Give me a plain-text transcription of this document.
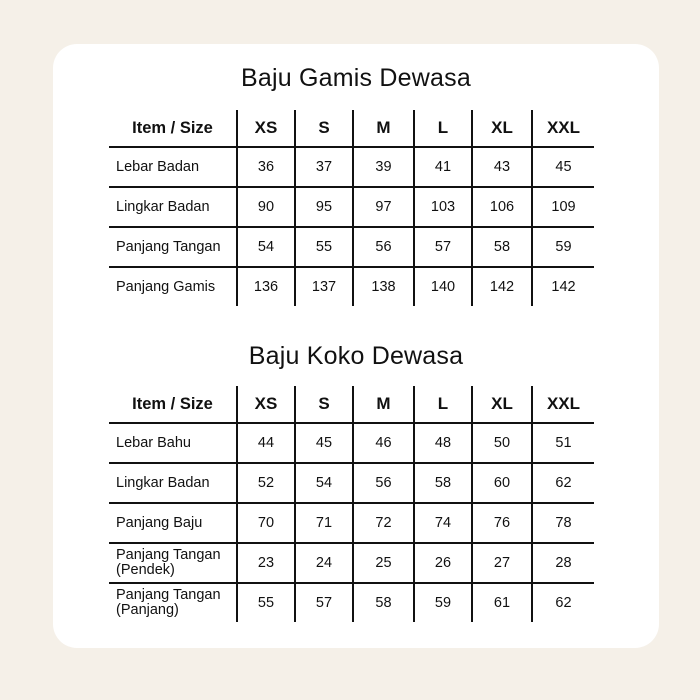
Baju Gamis Dewasa
Item / Size	XS	S	M	L	XL	XXL
Lebar Badan	36	37	39	41	43	45
Lingkar Badan	90	95	97	103	106	109
Panjang Tangan	54	55	56	57	58	59
Panjang Gamis	136	137	138	140	142	142
Baju Koko Dewasa
Item / Size	XS	S	M	L	XL	XXL
Lebar Bahu	44	45	46	48	50	51
Lingkar Badan	52	54	56	58	60	62
Panjang Baju	70	71	72	74	76	78
Panjang Tangan (Pendek)	23	24	25	26	27	28
Panjang Tangan (Panjang)	55	57	58	59	61	62
